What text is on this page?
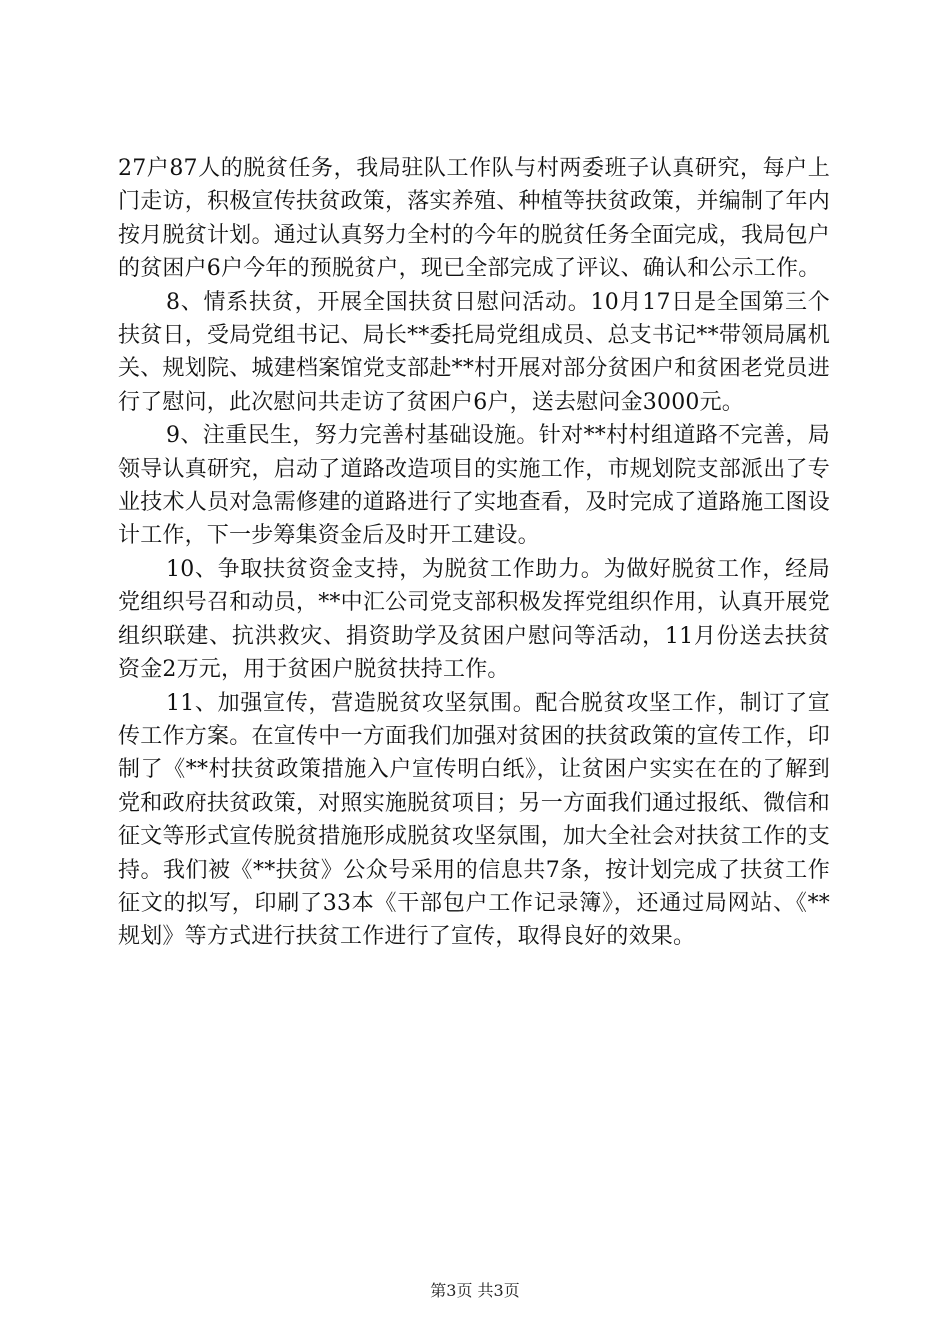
27户87人的脱贫任务，我局驻队工作队与村两委班子认真研究，每户上门走访，积极宣传扶贫政策，落实养殖、种植等扶贫政策，并编制了年内按月脱贫计划。通过认真努力全村的今年的脱贫任务全面完成，我局包户的贫困户6户今年的预脱贫户，现已全部完成了评议、确认和公示工作。

8、情系扶贫，开展全国扶贫日慰问活动。10月17日是全国第三个扶贫日，受局党组书记、局长**委托局党组成员、总支书记**带领局属机关、规划院、城建档案馆党支部赴**村开展对部分贫困户和贫困老党员进行了慰问，此次慰问共走访了贫困户6户，送去慰问金3000元。

9、注重民生，努力完善村基础设施。针对**村村组道路不完善，局领导认真研究，启动了道路改造项目的实施工作，市规划院支部派出了专业技术人员对急需修建的道路进行了实地查看，及时完成了道路施工图设计工作，下一步筹集资金后及时开工建设。

10、争取扶贫资金支持，为脱贫工作助力。为做好脱贫工作，经局党组织号召和动员，**中汇公司党支部积极发挥党组织作用，认真开展党组织联建、抗洪救灾、捐资助学及贫困户慰问等活动，11月份送去扶贫资金2万元，用于贫困户脱贫扶持工作。

11、加强宣传，营造脱贫攻坚氛围。配合脱贫攻坚工作，制订了宣传工作方案。在宣传中一方面我们加强对贫困的扶贫政策的宣传工作，印制了《**村扶贫政策措施入户宣传明白纸》，让贫困户实实在在的了解到党和政府扶贫政策，对照实施脱贫项目；另一方面我们通过报纸、微信和征文等形式宣传脱贫措施形成脱贫攻坚氛围，加大全社会对扶贫工作的支持。我们被《**扶贫》公众号采用的信息共7条，按计划完成了扶贫工作征文的拟写，印刷了33本《干部包户工作记录簿》，还通过局网站、《**规划》等方式进行扶贫工作进行了宣传，取得良好的效果。

第3页 共3页
